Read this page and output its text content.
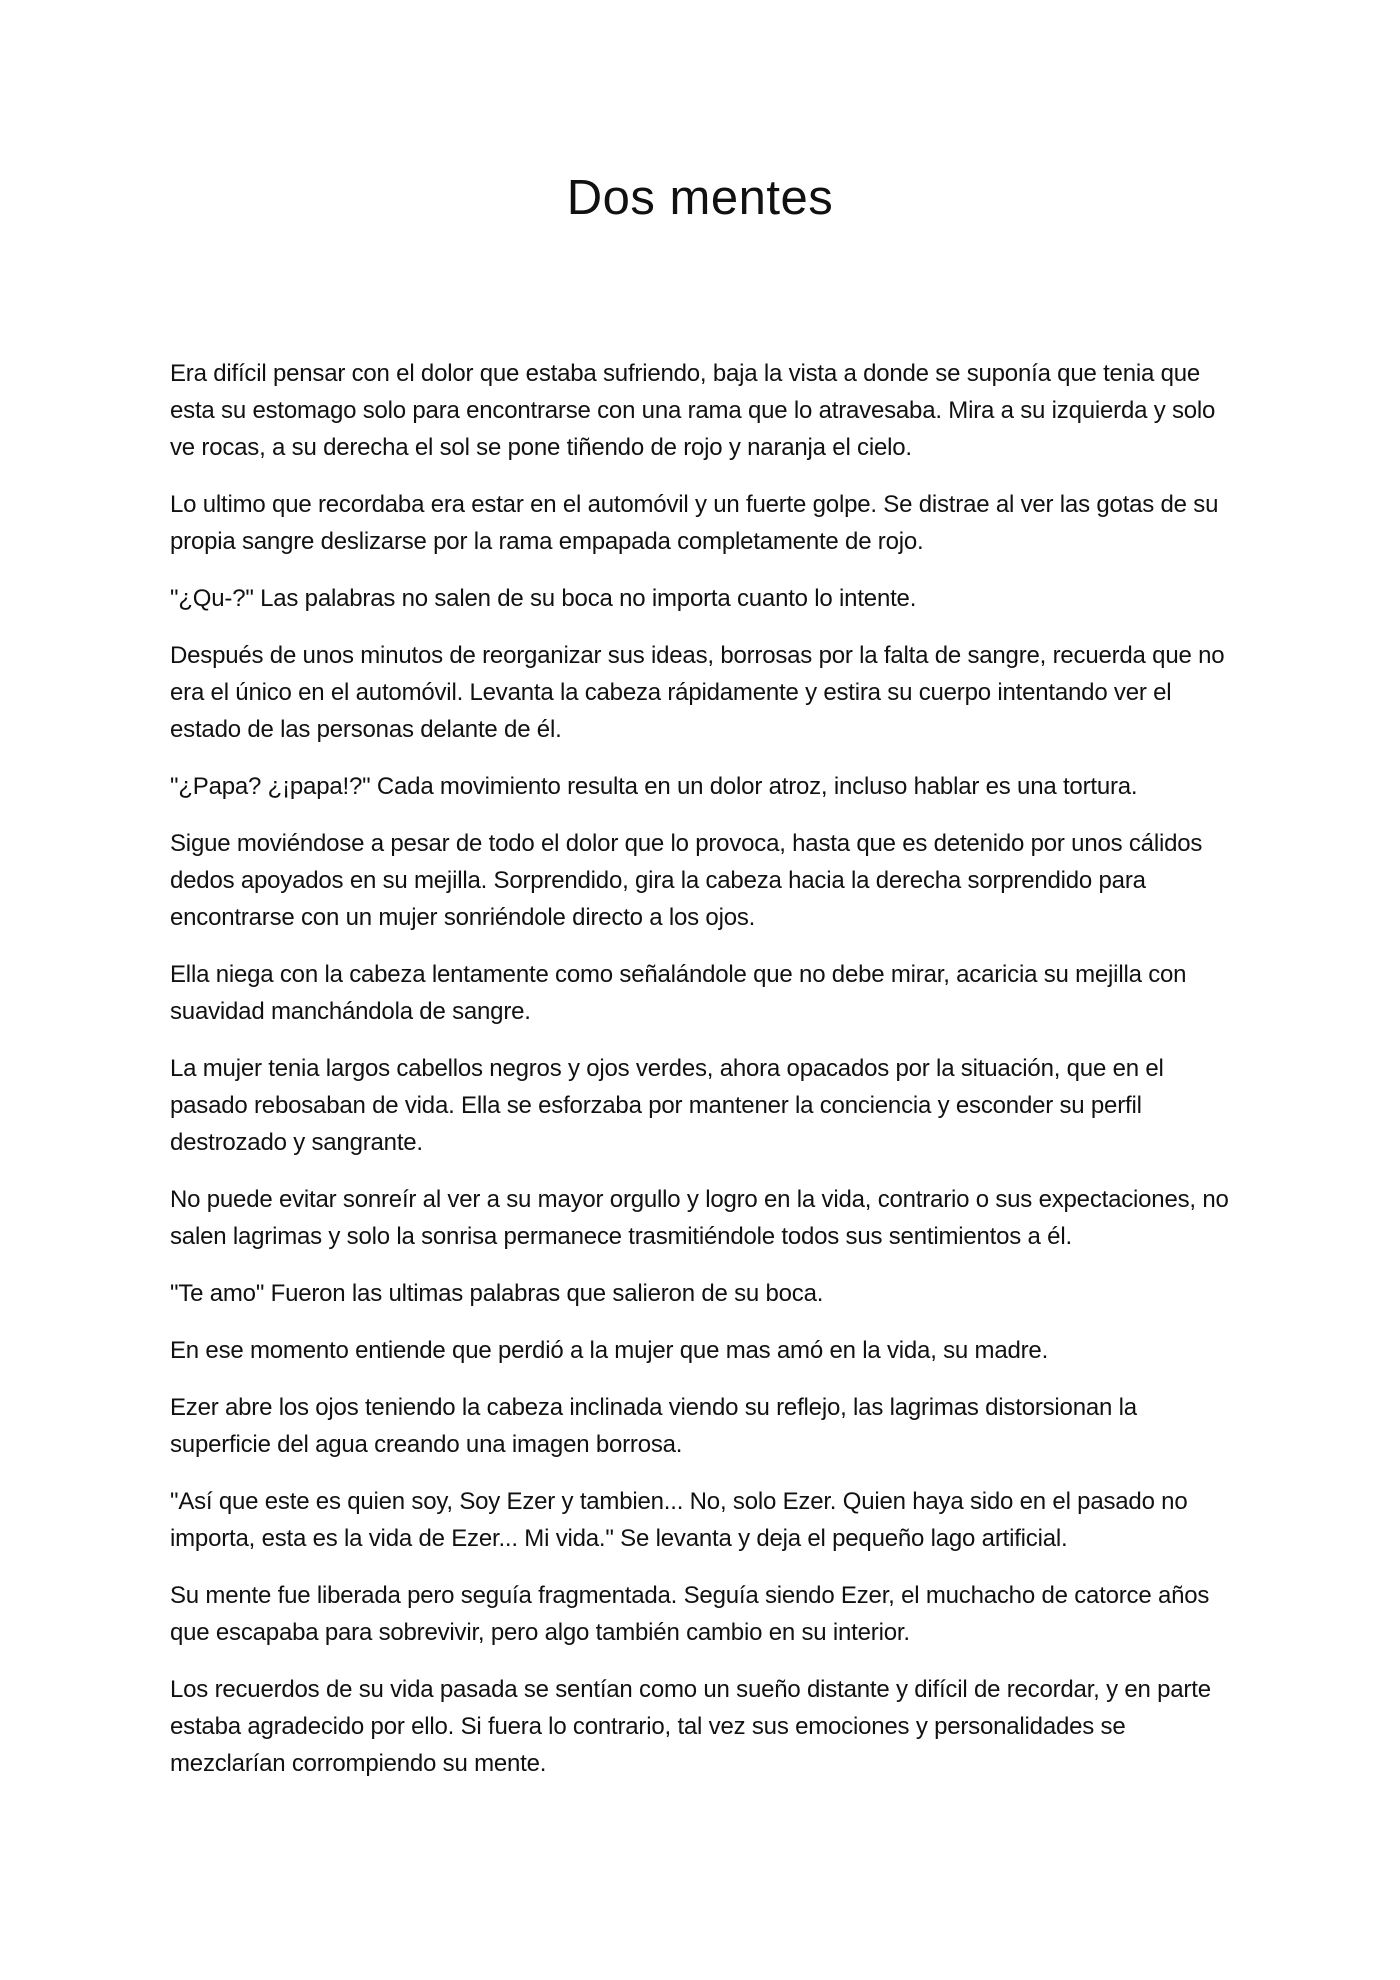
Dos mentes

Era difícil pensar con el dolor que estaba sufriendo, baja la vista a donde se suponía que tenia que esta su estomago solo para encontrarse con una rama que lo atravesaba. Mira a su izquierda y solo ve rocas, a su derecha el sol se pone tiñendo de rojo y naranja el cielo.

Lo ultimo que recordaba era estar en el automóvil y un fuerte golpe. Se distrae al ver las gotas de su propia sangre deslizarse por la rama empapada completamente de rojo.

"¿Qu-?" Las palabras no salen de su boca no importa cuanto lo intente.

Después de unos minutos de reorganizar sus ideas, borrosas por la falta de sangre, recuerda que no era el único en el automóvil. Levanta la cabeza rápidamente y estira su cuerpo intentando ver el estado de las personas delante de él.

"¿Papa? ¿¡papa!?" Cada movimiento resulta en un dolor atroz, incluso hablar es una tortura.

Sigue moviéndose a pesar de todo el dolor que lo provoca, hasta que es detenido por unos cálidos dedos apoyados en su mejilla. Sorprendido, gira la cabeza hacia la derecha sorprendido para encontrarse con un mujer sonriéndole directo a los ojos.

Ella niega con la cabeza lentamente como señalándole que no debe mirar, acaricia su mejilla con suavidad manchándola de sangre.

La mujer tenia largos cabellos negros y ojos verdes, ahora opacados por la situación, que en el pasado rebosaban de vida. Ella se esforzaba por mantener la conciencia y esconder su perfil destrozado y sangrante.

No puede evitar sonreír al ver a su mayor orgullo y logro en la vida, contrario o sus expectaciones, no salen lagrimas y solo la sonrisa permanece trasmitiéndole todos sus sentimientos a él.

"Te amo" Fueron las ultimas palabras que salieron de su boca.

En ese momento entiende que perdió a la mujer que mas amó en la vida, su madre.

Ezer abre los ojos teniendo la cabeza inclinada viendo su reflejo, las lagrimas distorsionan la superficie del agua creando una imagen borrosa.

"Así que este es quien soy, Soy Ezer y tambien... No, solo Ezer. Quien haya sido en el pasado no importa, esta es la vida de Ezer... Mi vida." Se levanta y deja el pequeño lago artificial.

Su mente fue liberada pero seguía fragmentada. Seguía siendo Ezer, el muchacho de catorce años que escapaba para sobrevivir, pero algo también cambio en su interior.

Los recuerdos de su vida pasada se sentían como un sueño distante y difícil de recordar, y en parte estaba agradecido por ello. Si fuera lo contrario, tal vez sus emociones y personalidades se mezclarían corrompiendo su mente.
